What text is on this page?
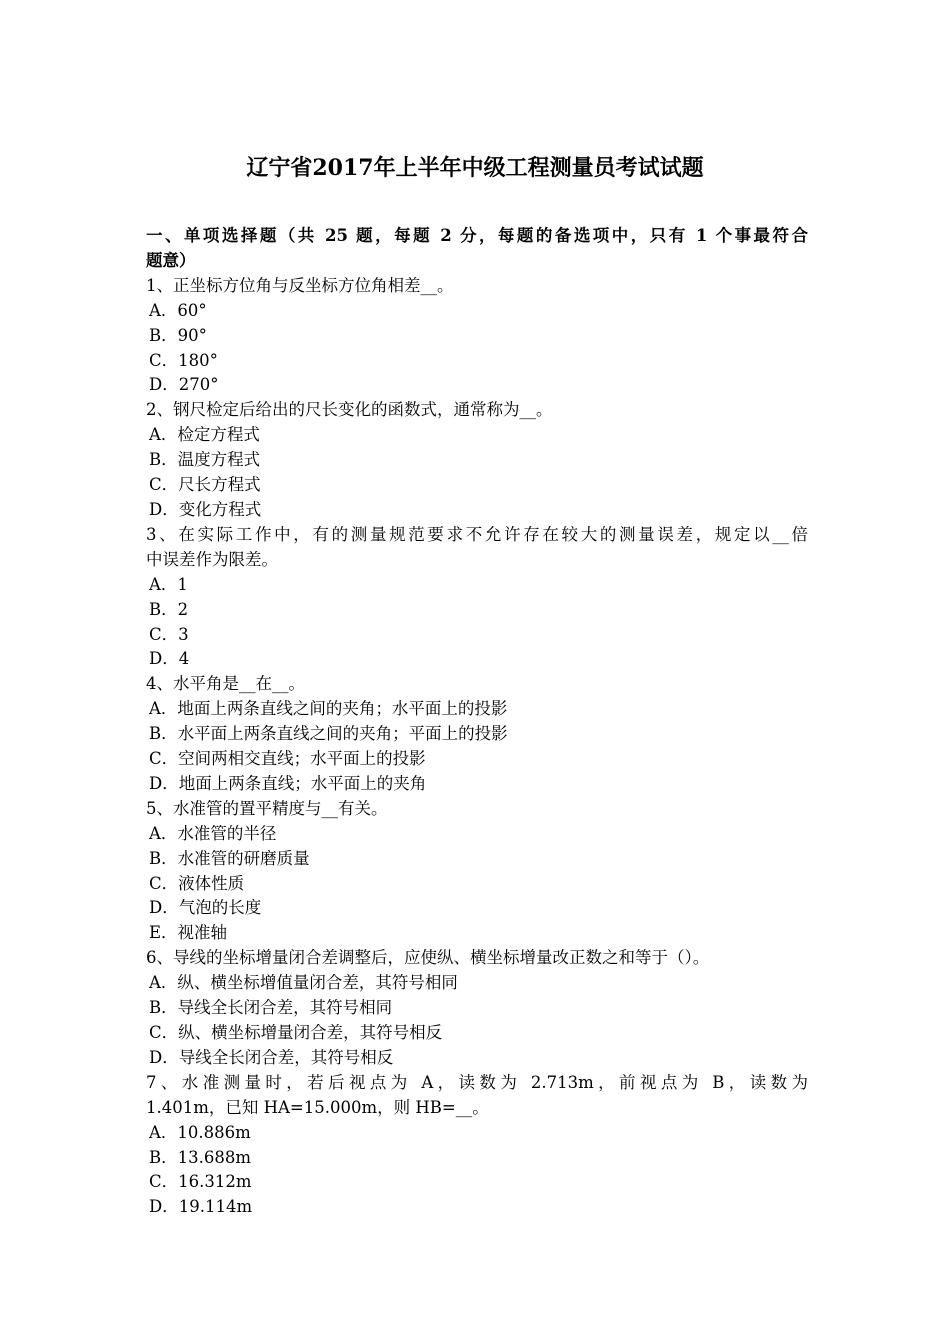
辽宁省2017年上半年中级工程测量员考试试题
一、单项选择题（共 25 题，每题 2 分，每题的备选项中，只有 1 个事最符合
题意）
1、正坐标方位角与反坐标方位角相差__。
A．60°
B．90°
C．180°
D．270°
2、钢尺检定后给出的尺长变化的函数式，通常称为__。
A．检定方程式
B．温度方程式
C．尺长方程式
D．变化方程式
3、在实际工作中，有的测量规范要求不允许存在较大的测量误差，规定以__倍
中误差作为限差。
A．1
B．2
C．3
D．4
4、水平角是__在__。
A．地面上两条直线之间的夹角；水平面上的投影
B．水平面上两条直线之间的夹角；平面上的投影
C．空间两相交直线；水平面上的投影
D．地面上两条直线；水平面上的夹角
5、水准管的置平精度与__有关。
A．水准管的半径
B．水准管的研磨质量
C．液体性质
D．气泡的长度
E．视准轴
6、导线的坐标增量闭合差调整后，应使纵、横坐标增量改正数之和等于（）。
A．纵、横坐标增值量闭合差，其符号相同
B．导线全长闭合差，其符号相同
C．纵、横坐标增量闭合差，其符号相反
D．导线全长闭合差，其符号相反
7、水准测量时，若后视点为 A，读数为 2.713m，前视点为 B，读数为
1.401m，已知 HA=15.000m，则 HB=__。
A．10.886m
B．13.688m
C．16.312m
D．19.114m
